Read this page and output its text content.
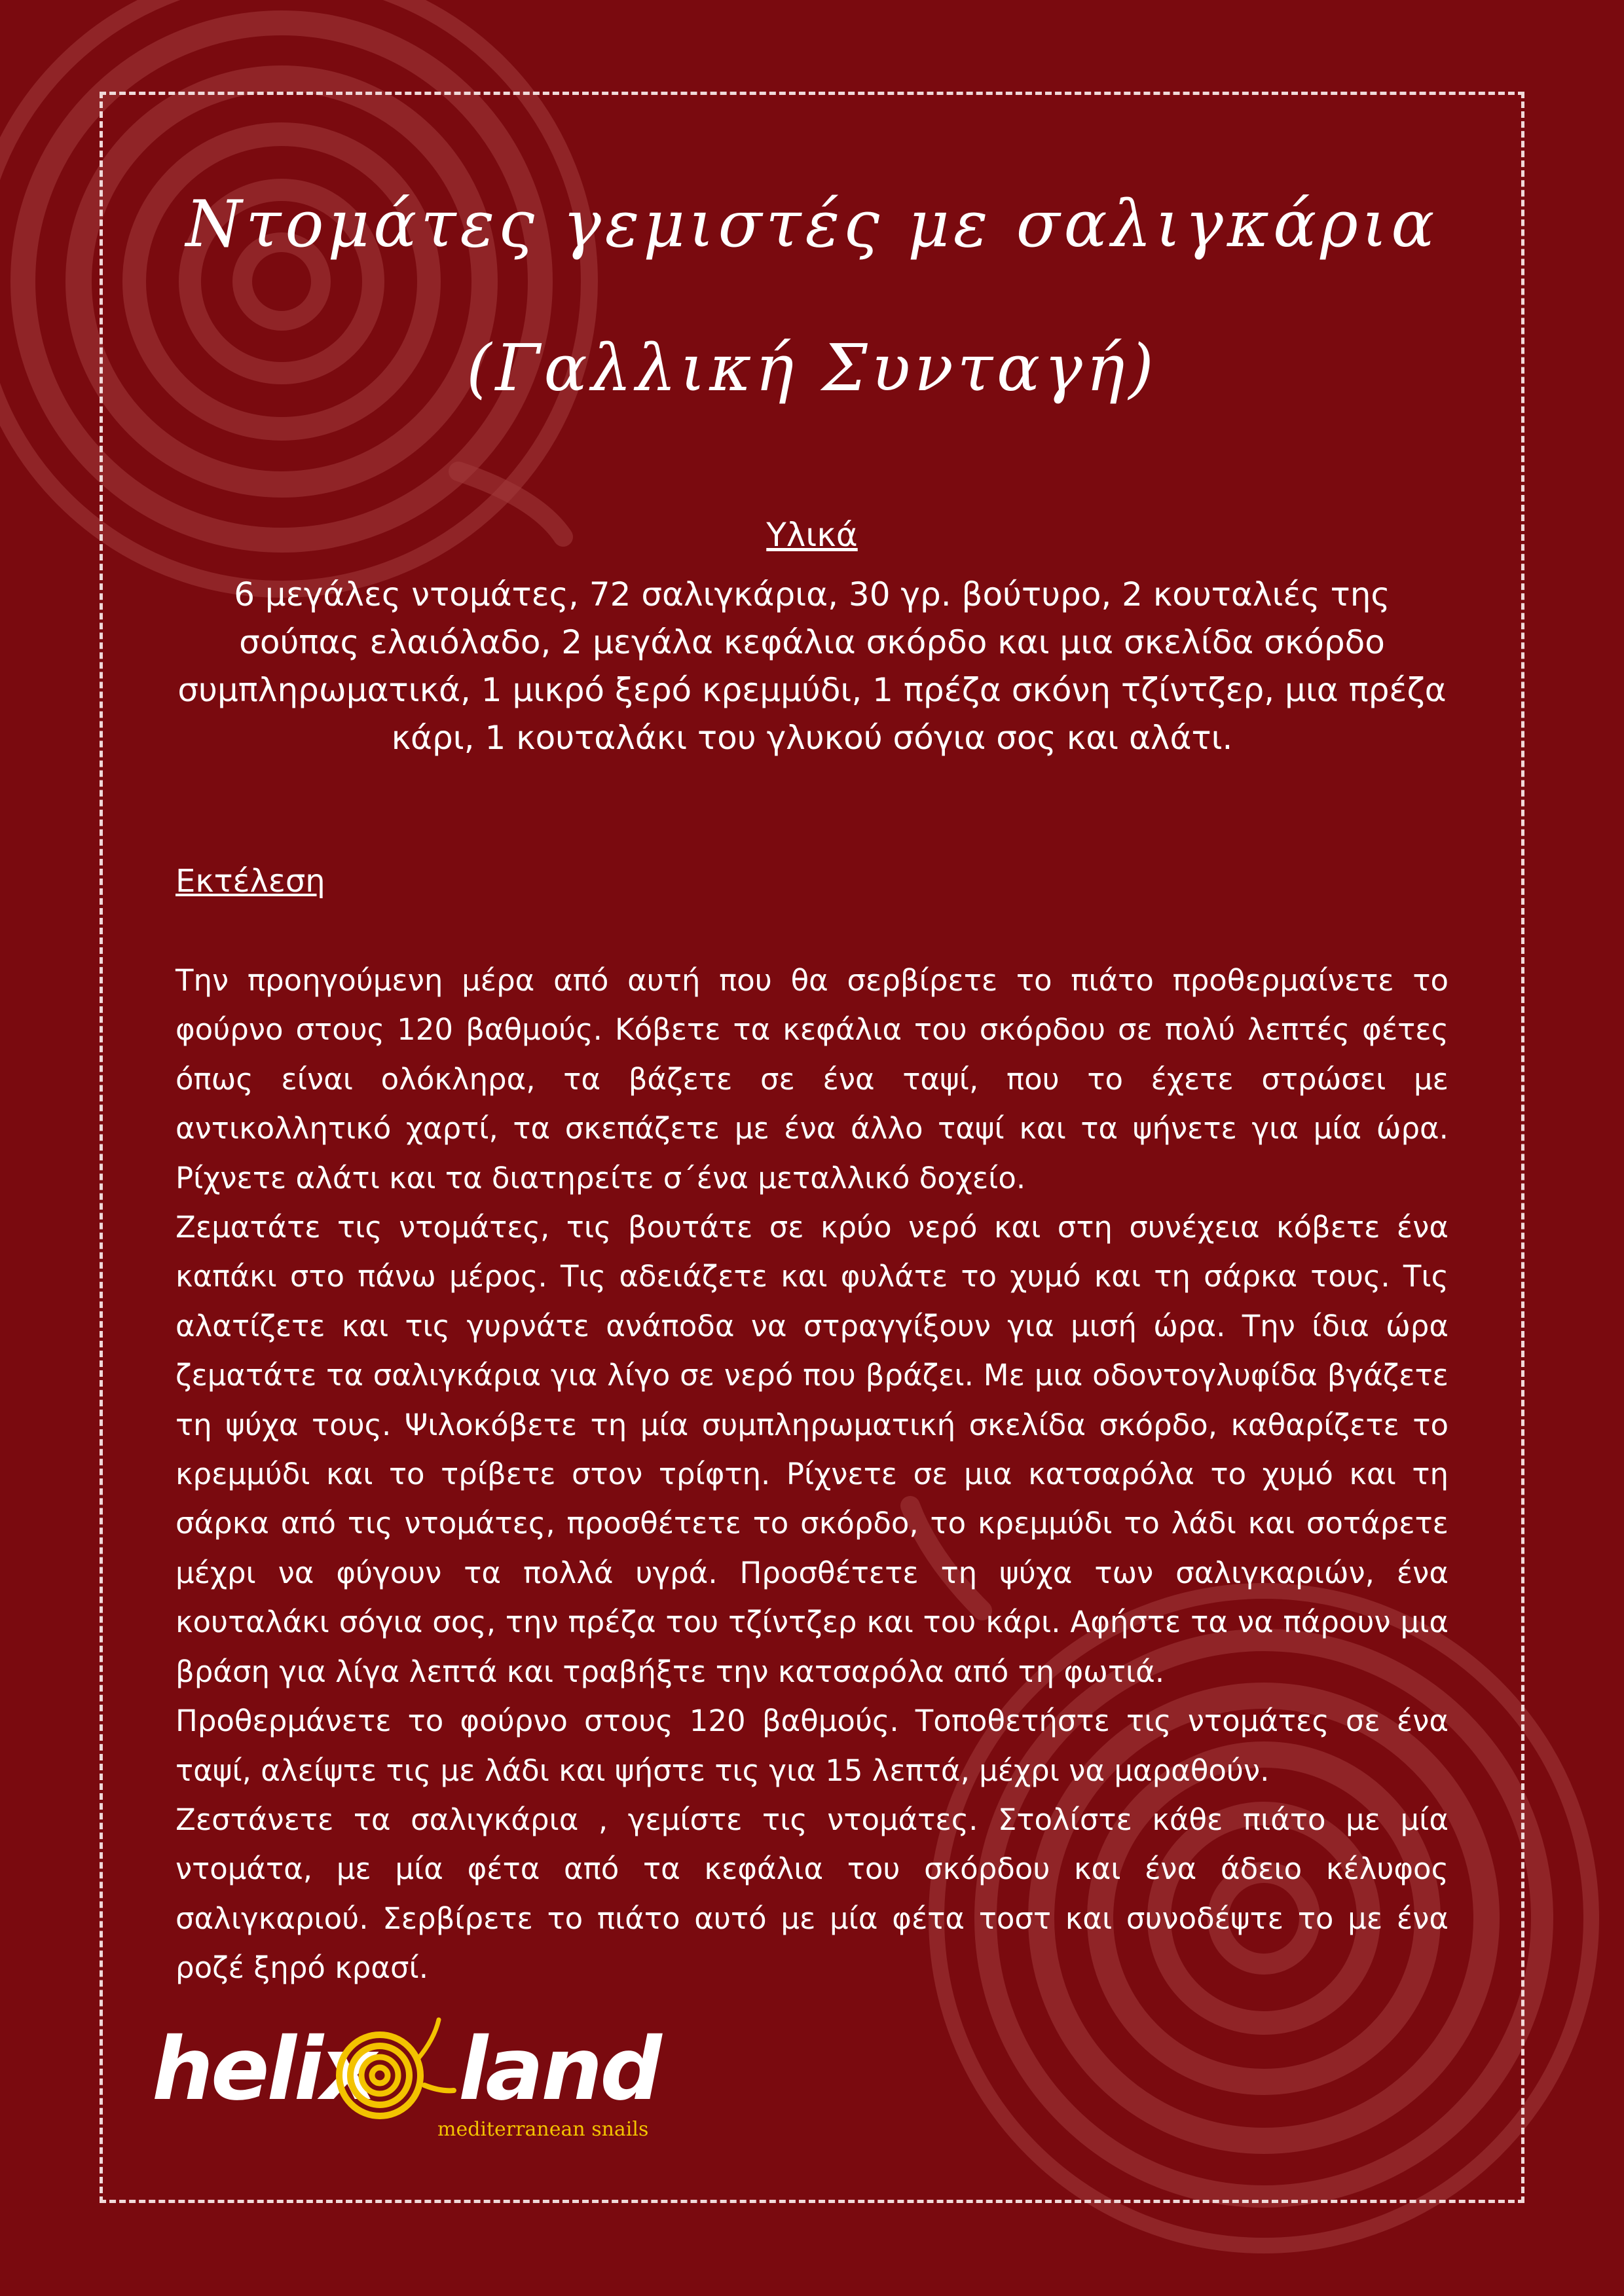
Ντομάτες γεμιστές με σαλιγκάρια
(Γαλλική Συνταγή)
Υλικά

6 μεγάλες ντομάτες, 72 σαλιγκάρια, 30 γρ. βούτυρο, 2 κουταλιές της σούπας ελαιόλαδο, 2 μεγάλα κεφάλια σκόρδο και μια σκελίδα σκόρδο συμπληρωματικά, 1 μικρό ξερό κρεμμύδι, 1 πρέζα σκόνη τζίντζερ, μια πρέζα κάρι, 1 κουταλάκι του γλυκού σόγια σος και αλάτι.

Εκτέλεση

Την προηγούμενη μέρα από αυτή που θα σερβίρετε το πιάτο προθερμαίνετε το φούρνο στους 120 βαθμούς. Κόβετε τα κεφάλια του σκόρδου σε πολύ λεπτές φέτες όπως είναι ολόκληρα, τα βάζετε σε ένα ταψί, που το έχετε στρώσει με αντικολλητικό χαρτί, τα σκεπάζετε με ένα άλλο ταψί και τα ψήνετε για μία ώρα. Ρίχνετε αλάτι και τα διατηρείτε σ΄ένα μεταλλικό δοχείο.

Ζεματάτε τις ντομάτες, τις βουτάτε σε κρύο νερό και στη συνέχεια κόβετε ένα καπάκι στο πάνω μέρος. Τις αδειάζετε και φυλάτε το χυμό και τη σάρκα τους. Τις αλατίζετε και τις γυρνάτε ανάποδα να στραγγίξουν για μισή ώρα. Την ίδια ώρα ζεματάτε τα σαλιγκάρια για λίγο σε νερό που βράζει. Με μια οδοντογλυφίδα βγάζετε τη ψύχα τους. Ψιλοκόβετε τη μία συμπληρωματική σκελίδα σκόρδο, καθαρίζετε το κρεμμύδι και το τρίβετε στον τρίφτη. Ρίχνετε σε μια κατσαρόλα το χυμό και τη σάρκα από τις ντομάτες, προσθέτετε το σκόρδο, το κρεμμύδι το λάδι και σοτάρετε μέχρι να φύγουν τα πολλά υγρά. Προσθέτετε τη ψύχα των σαλιγκαριών, ένα κουταλάκι σόγια σος, την πρέζα του τζίντζερ και του κάρι. Αφήστε τα να πάρουν μια βράση για λίγα λεπτά και τραβήξτε την κατσαρόλα από τη φωτιά.

Προθερμάνετε το φούρνο στους 120 βαθμούς. Τοποθετήστε τις ντομάτες σε ένα ταψί, αλείψτε τις με λάδι και ψήστε τις για 15 λεπτά, μέχρι να μαραθούν.

Ζεστάνετε τα σαλιγκάρια , γεμίστε τις ντομάτες. Στολίστε κάθε πιάτο με μία ντομάτα, με μία φέτα από τα κεφάλια του σκόρδου και ένα άδειο κέλυφος σαλιγκαριού. Σερβίρετε το πιάτο αυτό με μία φέτα τοστ και συνοδέψτε το με ένα ροζέ ξηρό κρασί.

helix land
mediterranean snails
